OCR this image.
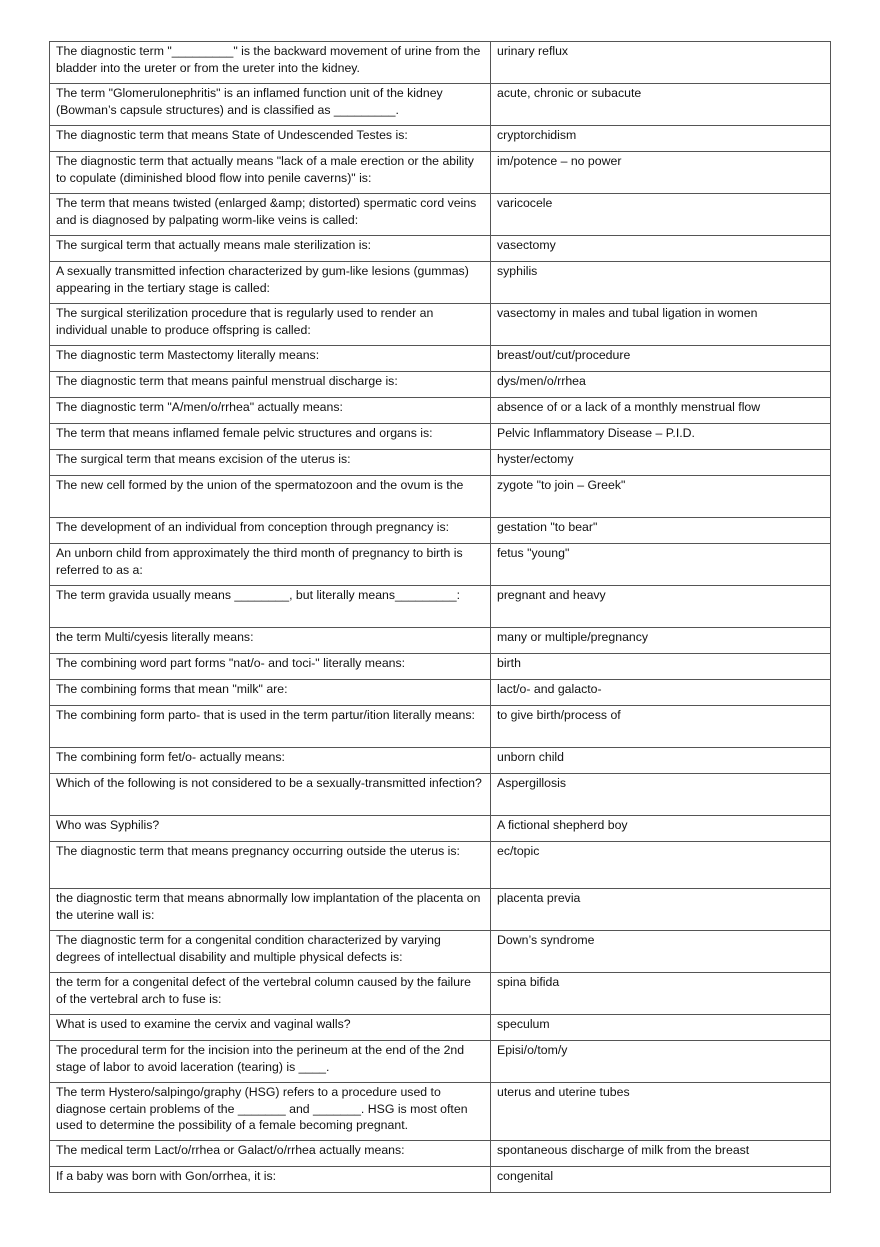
The diagnostic term "_________" is the backward movement of urine from the bladder into the ureter or from the ureter into the kidney.	urinary reflux
The term "Glomerulonephritis" is an inflamed function unit of the kidney (Bowman’s capsule structures) and is classified as _________.	acute, chronic or subacute
The diagnostic term that means State of Undescended Testes is:	cryptorchidism
The diagnostic term that actually means "lack of a male erection or the ability to copulate (diminished blood flow into penile caverns)" is:	im/potence – no power
The term that means twisted (enlarged &amp; distorted) spermatic cord veins and is diagnosed by palpating worm-like veins is called:	varicocele
The surgical term that actually means male sterilization is:	vasectomy
A sexually transmitted infection characterized by gum-like lesions (gummas) appearing in the tertiary stage is called:	syphilis
The surgical sterilization procedure that is regularly used to render an individual unable to produce offspring is called:	vasectomy in males and tubal ligation in women
The diagnostic term Mastectomy literally means:	breast/out/cut/procedure
The diagnostic term that means painful menstrual discharge is:	dys/men/o/rrhea
The diagnostic term "A/men/o/rrhea" actually means:	absence of or a lack of a monthly menstrual flow
The term that means inflamed female pelvic structures and organs is:	Pelvic Inflammatory Disease – P.I.D.
The surgical term that means excision of the uterus is:	hyster/ectomy
The new cell formed by the union of the spermatozoon and the ovum is the	zygote "to join – Greek"
The development of an individual from conception through pregnancy is:	gestation "to bear"
An unborn child from approximately the third month of pregnancy to birth is referred to as a:	fetus "young"
The term gravida usually means ________, but literally means_________:	pregnant and heavy
the term Multi/cyesis literally means:	many or multiple/pregnancy
The combining word part forms "nat/o- and toci-" literally means:	birth
The combining forms that mean "milk" are:	lact/o- and galacto-
The combining form parto- that is used in the term partur/ition literally means:	to give birth/process of
The combining form fet/o- actually means:	unborn child
Which of the following is not considered to be a sexually-transmitted infection?	Aspergillosis
Who was Syphilis?	A fictional shepherd boy
The diagnostic term that means pregnancy occurring outside the uterus is:	ec/topic
the diagnostic term that means abnormally low implantation of the placenta on the uterine wall is:	placenta previa
The diagnostic term for a congenital condition characterized by varying degrees of intellectual disability and multiple physical defects is:	Down’s syndrome
the term for a congenital defect of the vertebral column caused by the failure of the vertebral arch to fuse is:	spina bifida
What is used to examine the cervix and vaginal walls?	speculum
The procedural term for the incision into the perineum at the end of the 2nd stage of labor to avoid laceration (tearing) is ____.	Episi/o/tom/y
The term Hystero/salpingo/graphy (HSG) refers to a procedure used to diagnose certain problems of the _______ and _______. HSG is most often used to determine the possibility of a female becoming pregnant.	uterus and uterine tubes
The medical term Lact/o/rrhea or Galact/o/rrhea actually means:	spontaneous discharge of milk from the breast
If a baby was born with Gon/orrhea, it is:	congenital
